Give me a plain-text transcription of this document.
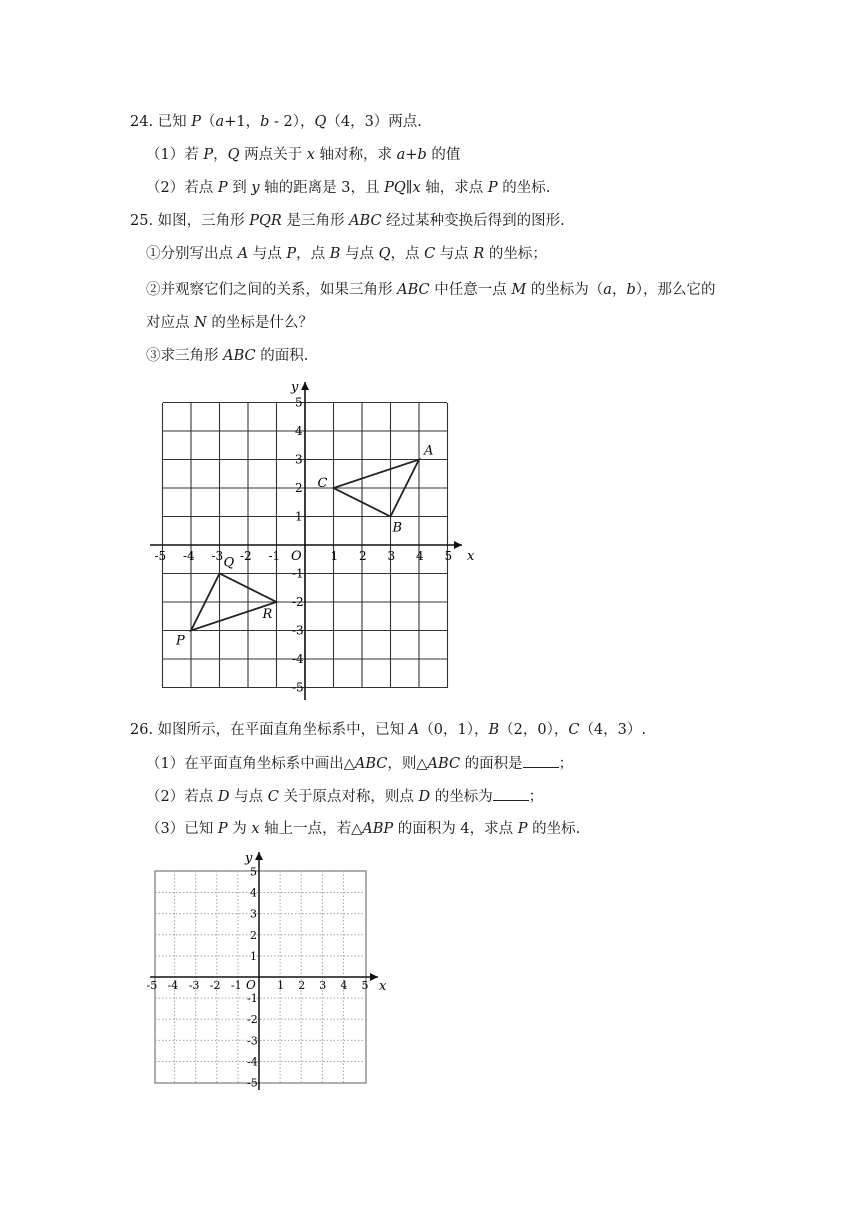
24. 已知 P（a+1，b - 2），Q（4，3）两点.
（1）若 P，Q 两点关于 x 轴对称，求 a+b 的值
（2）若点 P 到 y 轴的距离是 3，且 PQ∥x 轴，求点 P 的坐标.
25. 如图，三角形 PQR 是三角形 ABC 经过某种变换后得到的图形.
①分别写出点 A 与点 P，点 B 与点 Q，点 C 与点 R 的坐标；
②并观察它们之间的关系，如果三角形 ABC 中任意一点 M 的坐标为（a，b），那么它的
对应点 N 的坐标是什么？
③求三角形 ABC 的面积.
x
y
O
-5 -4 -3 -2 -1	1 2 3 4 5
5
4
3
2
1
-1
-2
-3
-4
-5
A
B
C
P
Q
R
26. 如图所示，在平面直角坐标系中，已知 A（0，1），B（2，0），C（4，3）.
（1）在平面直角坐标系中画出△ABC，则△ABC 的面积是 ；
（2）若点 D 与点 C 关于原点对称，则点 D 的坐标为 ；
（3）已知 P 为 x 轴上一点，若△ABP 的面积为 4，求点 P 的坐标.
x
y
O
-5 -4 -3 -2 -1	1 2 3 4 5
5
4
3
2
1
-1
-2
-3
-4
-5
